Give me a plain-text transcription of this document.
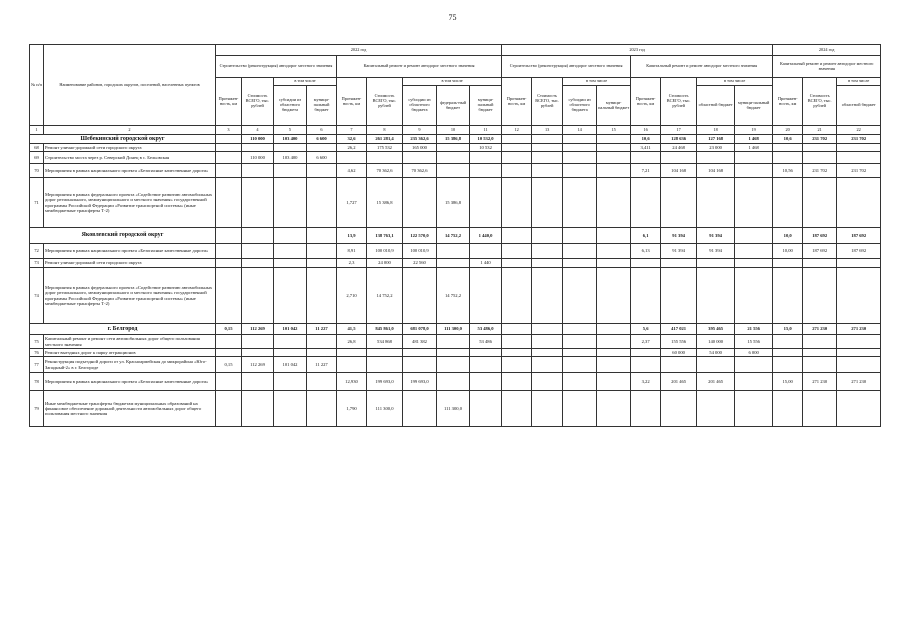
75
№ п/п	Наименование районов, городских округов, поселений, населенных пунктов	2022 год									2023 год								2024 год		
		Строительство (реконструкция) автодорог местного значения				Капитальный ремонт и ремонт автодорог местного значения					Строительство (реконструкция) автодорог местного значения				Капитальный ремонт и ремонт автодорог местного значения				Капитальный ремонт и ремонт автодорог местного значения		
		Протяжен-ность, км	Стоимость ВСЕГО, тыс. рублей	в том числе		Протяжен-ность, км	Стоимость ВСЕГО, тыс. рублей	в том числе			Протяжен-ность, км	Стоимость ВСЕГО, тыс. рублей	в том числе		Протяжен-ность, км	Стоимость ВСЕГО, тыс. рублей	в том числе		Протяжен-ность, км	Стоимость ВСЕГО, тыс. рублей	в том числе
				субсидии из областного бюджета	муници-пальный бюджет			субсидии из областного бюджета	федераль-ный бюджет	муници-пальный бюджет			субсидии из областного бюджета	муници-пальный бюджет			областной бюджет	муници-пальный бюджет			областной бюджет
1	2	3	4	5	6	7	8	9	10	11	12	13	14	15	16	17	18	19	20	21	22
Шебекинский городской округ			110 000	103 400	6 600	32,6	261 281,4	235 362,6	15 386,8	10 532,0					10,6	128 636	127 168	1 468	10,6	231 702	231 702
68	Ремонт улично-дорожной сети городского округа					26,2	175 532	165 000		10 532					3,411	24 468	23 000	1 468			
69	Строительство моста через р. Северский Донец в с. Бельовская		110 000	103 400	6 600																
70	Мероприятия в рамках национального проекта «Безопасные качественные дороги»					4,62	70 362,6	70 362,6							7,21	104 168	104 168		10,56	231 702	231 702
71	Мероприятия в рамках федерального проекта «Содействие развитию автомобильных дорог регионального, межмуниципального и местного значения» государственной программы Российской Федерации «Развитие транспортной системы» (иные межбюджетные трансферты Т-2)					1,727	15 386,8		15 386,8												
Яковлевский городской округ						13,9	138 763,1	122 570,0	14 752,2	1 440,0					6,1	91 394	91 394		10,0	187 692	187 692
72	Мероприятия в рамках национального проекта «Безопасные качественные дороги»					8,91	100 010,9	100 010,9							6,13	91 394	91 394		10,00	187 692	187 692
73	Ремонт улично-дорожной сети городского округа					2,3	24 000	22 560		1 440											
74	Мероприятия в рамках федерального проекта «Содействие развитию автомобильных дорог регионального, межмуниципального и местного значения» государственной программы Российской Федерации «Развитие транспортной системы» (иные межбюджетные трансферты Т-2)					2,710	14 752,2		14 752,2												
г. Белгород		0,15	112 269	101 042	11 227	41,5	845 861,0	681 078,0	111 300,0	53 486,0					5,6	417 021	395 465	21 556	15,0	271 230	271 230
75	Капитальный ремонт и ремонт сети автомобильных дорог общего пользования местного значения					26,8	534 868	481 382		53 486					2,37	155 556	140 000	15 556			
76	Ремонт выездных дорог к парку аттракционов															60 000	54 000	6 000			
77	Реконструкция подъездной дороги от ул. Красноармейская до микрорайона «Юго-Западный-2» в г. Белгороде	0,15	112 269	101 042	11 227																
78	Мероприятия в рамках национального проекта «Безопасные качественные дороги»					12,930	199 693,0	199 693,0							3,22	201 465	201 465		15,00	271 230	271 230
79	Иные межбюджетные трансферты бюджетам муниципальных образований на финансовое обеспечение дорожной деятельности автомобильных дорог общего пользования местного значения					1,790	111 300,0		111 300,0												
